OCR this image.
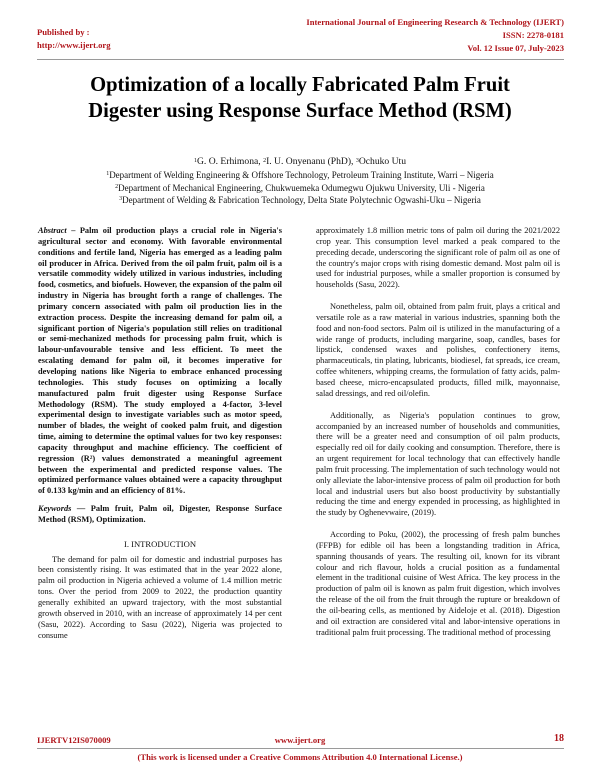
Published by :
http://www.ijert.org
International Journal of Engineering Research & Technology (IJERT)
ISSN: 2278-0181
Vol. 12 Issue 07, July-2023
Optimization of a locally Fabricated Palm Fruit
Digester using Response Surface Method (RSM)
$^1$G. O. Erhimona, $^2$I. U. Onyenanu (PhD), $^3$Ochuko Utu
$^1$Department of Welding Engineering & Offshore Technology, Petroleum Training Institute, Warri – Nigeria
$^2$Department of Mechanical Engineering, Chukwuemeka Odumegwu Ojukwu University, Uli - Nigeria
$^3$Department of Welding & Fabrication Technology, Delta State Polytechnic Ogwashi-Uku – Nigeria

Abstract – Palm oil production plays a crucial role in Nigeria's agricultural sector and economy. With favorable environmental conditions and fertile land, Nigeria has emerged as a leading palm oil producer in Africa. Derived from the oil palm fruit, palm oil is a versatile commodity widely utilized in various industries, including food, cosmetics, and biofuels. However, the expansion of the palm oil industry in Nigeria has brought forth a range of challenges. The primary concern associated with palm oil production lies in the extraction process. Despite the increasing demand for palm oil, a significant portion of Nigeria's population still relies on traditional or semi-mechanized methods for processing palm fruit, which is labour-unfavourable tensive and less efficient. To meet the escalating demand for palm oil, it becomes imperative for developing nations like Nigeria to embrace enhanced processing technologies. This study focuses on optimizing a locally manufactured palm fruit digester using Response Surface Methodology (RSM). The study employed a 4-factor, 3-level experimental design to investigate variables such as motor speed, number of blades, the weight of cooked palm fruit, and digestion time, aiming to determine the optimal values for two key responses: capacity throughput and machine efficiency. The coefficient of regression (R²) values demonstrated a meaningful agreement between the experimental and predicted response values. The optimized performance values obtained were a capacity throughput of 0.133 kg/min and an efficiency of 81%.

Keywords — Palm fruit, Palm oil, Digester, Response Surface Method (RSM), Optimization.

I. INTRODUCTION

The demand for palm oil for domestic and industrial purposes has been consistently rising. It was estimated that in the year 2022 alone, palm oil production in Nigeria achieved a volume of 1.4 million metric tons. Over the period from 2009 to 2022, the production quantity generally exhibited an upward trajectory, with the most substantial growth observed in 2010, with an increase of approximately 14 per cent (Sasu, 2022). According to Sasu (2022), Nigeria was projected to consume

approximately 1.8 million metric tons of palm oil during the 2021/2022 crop year. This consumption level marked a peak compared to the preceding decade, underscoring the significant role of palm oil as one of the country's major crops with rising domestic demand. Most palm oil is used for industrial purposes, while a smaller proportion is consumed by households (Sasu, 2022).

Nonetheless, palm oil, obtained from palm fruit, plays a critical and versatile role as a raw material in various industries, spanning both the food and non-food sectors. Palm oil is utilized in the manufacturing of a wide range of products, including margarine, soap, candles, bases for lipstick, condensed waxes and polishes, confectionery items, pharmaceuticals, tin plating, lubricants, biodiesel, fat spreads, ice cream, coffee whiteners, whipping creams, the formulation of fatty acids, palm-based cheese, micro-encapsulated products, filled milk, mayonnaise, salad dressings, and red oil/olefin.

Additionally, as Nigeria's population continues to grow, accompanied by an increased number of households and communities, there will be a greater need and consumption of oil palm products, especially red oil for daily cooking and consumption. Therefore, there is an urgent requirement for local technology that can effectively handle palm fruit processing. The implementation of such technology would not only alleviate the labor-intensive process of palm oil production for both local and industrial users but also boost productivity by substantially reducing the time and energy expended in processing, as highlighted in the study by Oghenevwaire, (2019).

According to Poku, (2002), the processing of fresh palm bunches (FFPB) for edible oil has been a longstanding tradition in Africa, spanning thousands of years. The resulting oil, known for its vibrant colour and rich flavour, holds a crucial position as a fundamental element in the traditional cuisine of West Africa. The key process in the production of palm oil is known as palm fruit digestion, which involves the release of the oil from the fruit through the rupture or breakdown of the oil-bearing cells, as mentioned by Aideloje et al. (2018). Digestion and oil extraction are considered vital and labor-intensive operations in traditional palm fruit processing. The traditional method of processing

IJERTV12IS070009	www.ijert.org	18
(This work is licensed under a Creative Commons Attribution 4.0 International License.)
